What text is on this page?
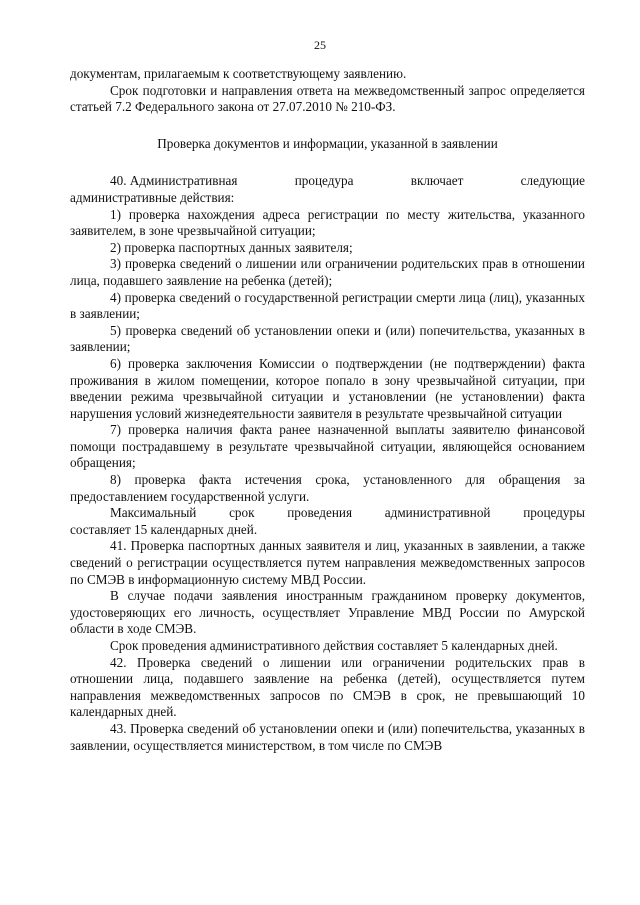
25

документам, прилагаемым к соответствующему заявлению.

Срок подготовки и направления ответа на межведомственный запрос определяется статьей 7.2 Федерального закона от 27.07.2010 № 210-ФЗ.

Проверка документов и информации, указанной в заявлении

40. Административная	процедура	включает	следующие

административные действия:

1) проверка нахождения адреса регистрации по месту жительства, указанного заявителем, в зоне чрезвычайной ситуации;

2) проверка паспортных данных заявителя;

3) проверка сведений о лишении или ограничении родительских прав в отношении лица, подавшего заявление на ребенка (детей);

4) проверка сведений о государственной регистрации смерти лица (лиц), указанных в заявлении;

5) проверка сведений об установлении опеки и (или) попечительства, указанных в заявлении;

6) проверка заключения Комиссии о подтверждении (не подтверждении) факта проживания в жилом помещении, которое попало в зону чрезвычайной ситуации, при введении режима чрезвычайной ситуации и установлении (не установлении) факта нарушения условий жизнедеятельности заявителя в результате чрезвычайной ситуации

7) проверка наличия факта ранее назначенной выплаты заявителю финансовой помощи пострадавшему в результате чрезвычайной ситуации, являющейся основанием обращения;

8) проверка факта истечения срока, установленного для обращения за предоставлением государственной услуги.

Максимальный срок проведения административной процедуры

составляет 15 календарных дней.

41. Проверка паспортных данных заявителя и лиц, указанных в заявлении, а также сведений о регистрации осуществляется путем направления межведомственных запросов по СМЭВ в информационную систему МВД России.

В случае подачи заявления иностранным гражданином проверку документов, удостоверяющих его личность, осуществляет Управление МВД России по Амурской области в ходе СМЭВ.

Срок проведения административного действия составляет 5 календарных дней.

42. Проверка сведений о лишении или ограничении родительских прав в отношении лица, подавшего заявление на ребенка (детей), осуществляется путем направления межведомственных запросов по СМЭВ в срок, не превышающий 10 календарных дней.

43. Проверка сведений об установлении опеки и (или) попечительства, указанных в заявлении, осуществляется министерством, в том числе по СМЭВ
